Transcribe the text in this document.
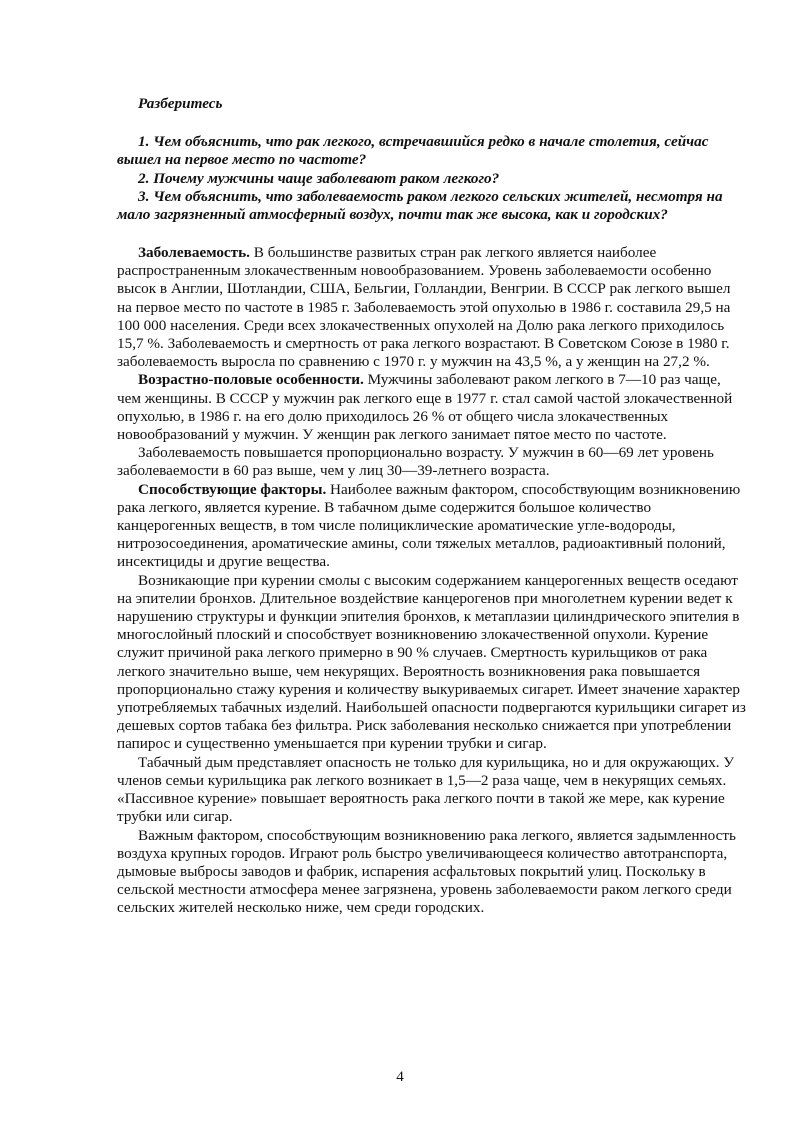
Разберитесь

1. Чем объяснить, что рак легкого, встречавшийся редко в начале столетия, сейчас вышел на первое место по частоте?

2. Почему мужчины чаще заболевают раком легкого?

3. Чем объяснить, что заболеваемость раком легкого сельских жителей, несмотря на мало загрязненный атмосферный воздух, почти так же высока, как и городских?

Заболеваемость. В большинстве развитых стран рак легкого является наиболее распространенным злокачественным новообразованием. Уровень заболеваемости особенно высок в Англии, Шотландии, США, Бельгии, Голландии, Венгрии. В СССР рак легкого вышел на первое место по частоте в 1985 г. Заболеваемость этой опухолью в 1986 г. составила 29,5 на 100 000 населения. Среди всех злокачественных опухолей на Долю рака легкого приходилось 15,7 %. Заболеваемость и смертность от рака легкого возрастают. В Советском Союзе в 1980 г. заболеваемость выросла по сравнению с 1970 г. у мужчин на 43,5 %, а у женщин на 27,2 %.

Возрастно-половые особенности. Мужчины заболевают раком легкого в 7—10 раз чаще, чем женщины. В СССР у мужчин рак легкого еще в 1977 г. стал самой частой злокачественной опухолью, в 1986 г. на его долю приходилось 26 % от общего числа злокачественных новообразований у мужчин. У женщин рак легкого занимает пятое место по частоте.

Заболеваемость повышается пропорционально возрасту. У мужчин в 60—69 лет уровень заболеваемости в 60 раз выше, чем у лиц 30—39-летнего возраста.

Способствующие факторы. Наиболее важным фактором, способствующим возникновению рака легкого, является курение. В табачном дыме содержится большое количество канцерогенных веществ, в том числе полициклические ароматические угле-водороды, нитрозосоединения, ароматические амины, соли тяжелых металлов, радиоактивный полоний, инсектициды и другие вещества.

Возникающие при курении смолы с высоким содержанием канцерогенных веществ оседают на эпителии бронхов. Длительное воздействие канцерогенов при многолетнем курении ведет к нарушению структуры и функции эпителия бронхов, к метаплазии цилиндрического эпителия в многослойный плоский и способствует возникновению злокачественной опухоли. Курение служит причиной рака легкого примерно в 90 % случаев. Смертность курильщиков от рака легкого значительно выше, чем некурящих. Вероятность возникновения рака повышается пропорционально стажу курения и количеству выкуриваемых сигарет. Имеет значение характер употребляемых табачных изделий. Наибольшей опасности подвергаются курильщики сигарет из дешевых сортов табака без фильтра. Риск заболевания несколько снижается при употреблении папирос и существенно уменьшается при курении трубки и сигар.

Табачный дым представляет опасность не только для курильщика, но и для окружающих. У членов семьи курильщика рак легкого возникает в 1,5—2 раза чаще, чем в некурящих семьях. «Пассивное курение» повышает вероятность рака легкого почти в такой же мере, как курение трубки или сигар.

Важным фактором, способствующим возникновению рака легкого, является задымленность воздуха крупных городов. Играют роль быстро увеличивающееся количество автотранспорта, дымовые выбросы заводов и фабрик, испарения асфальтовых покрытий улиц. Поскольку в сельской местности атмосфера менее загрязнена, уровень заболеваемости раком легкого среди сельских жителей несколько ниже, чем среди городских.

4
